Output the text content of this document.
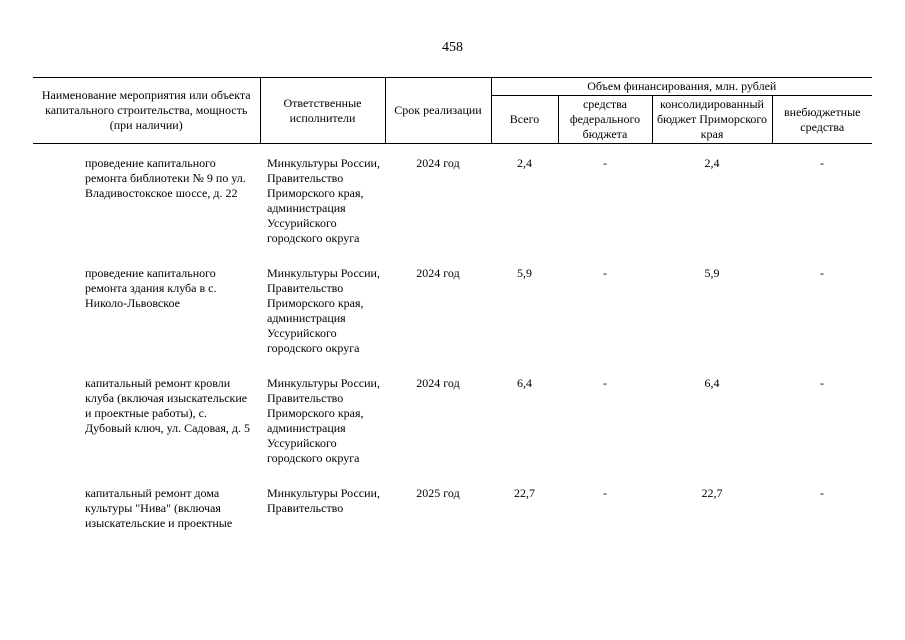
458
Наименование мероприятия или объекта капитального строительства, мощность (при наличии)	Ответственные исполнители	Срок реализации	Объем финансирования, млн. рублей			
			Всего	средства федерального бюджета	консолидированный бюджет Приморского края	внебюджетные средства

проведение капитального ремонта библиотеки № 9 по ул. Владивостокское шоссе, д. 22	Минкультуры России, Правительство Приморского края, администрация Уссурийского городского округа	2024 год	2,4	-	2,4	-
проведение капитального ремонта здания клуба в с. Николо-Львовское	Минкультуры России, Правительство Приморского края, администрация Уссурийского городского округа	2024 год	5,9	-	5,9	-
капитальный ремонт кровли клуба (включая изыскательские и проектные работы), с. Дубовый ключ, ул. Садовая, д. 5	Минкультуры России, Правительство Приморского края, администрация Уссурийского городского округа	2024 год	6,4	-	6,4	-
капитальный ремонт дома культуры "Нива" (включая изыскательские и проектные	Минкультуры России, Правительство	2025 год	22,7	-	22,7	-
